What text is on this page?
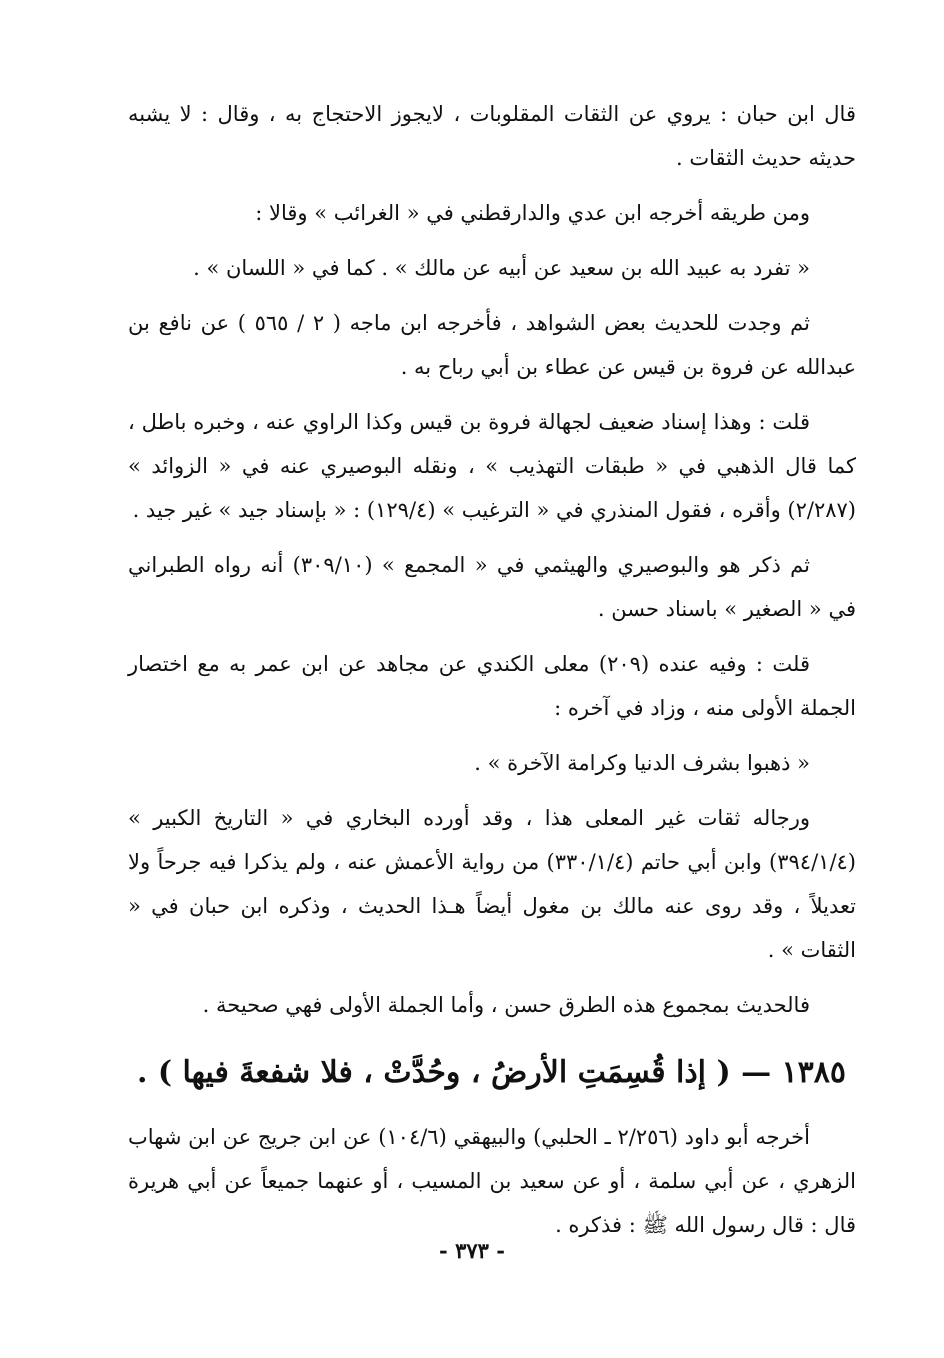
قال ابن حبان : يروي عن الثقات المقلوبات ، لايجوز الاحتجاج به ، وقال : لا يشبه حديثه حديث الثقات .

ومن طريقه أخرجه ابن عدي والدارقطني في « الغرائب » وقالا :

« تفرد به عبيد الله بن سعيد عن أبيه عن مالك » . كما في « اللسان » .

ثم وجدت للحديث بعض الشواهد ، فأخرجه ابن ماجه ( ٢ / ٥٦٥ ) عن نافع بن عبدالله عن فروة بن قيس عن عطاء بن أبي رباح به .

قلت : وهذا إسناد ضعيف لجهالة فروة بن قيس وكذا الراوي عنه ، وخبره باطل ، كما قال الذهبي في « طبقات التهذيب » ، ونقله البوصيري عنه في « الزوائد » (٢/٢٨٧) وأقره ، فقول المنذري في « الترغيب » (١٢٩/٤) : « بإسناد جيد » غير جيد .

ثم ذكر هو والبوصيري والهيثمي في « المجمع » (٣٠٩/١٠) أنه رواه الطبراني في « الصغير » باسناد حسن .

قلت : وفيه عنده (٢٠٩) معلى الكندي عن مجاهد عن ابن عمر به مع اختصار الجملة الأولى منه ، وزاد في آخره :

« ذهبوا بشرف الدنيا وكرامة الآخرة » .

ورجاله ثقات غير المعلى هذا ، وقد أورده البخاري في « التاريخ الكبير » (٣٩٤/١/٤) وابن أبي حاتم (٣٣٠/١/٤) من رواية الأعمش عنه ، ولم يذكرا فيه جرحاً ولا تعديلاً ، وقد روى عنه مالك بن مغول أيضاً هـذا الحديث ، وذكره ابن حبان في « الثقات » .

فالحديث بمجموع هذه الطرق حسن ، وأما الجملة الأولى فهي صحيحة .

١٣٨٥ — ( إذا قُسِمَتِ الأرضُ ، وحُدَّتْ ، فلا شفعةَ فيها ) .

أخرجه أبو داود (٢/٢٥٦ ـ الحلبي) والبيهقي (١٠٤/٦) عن ابن جريج عن ابن شهاب الزهري ، عن أبي سلمة ، أو عن سعيد بن المسيب ، أو عنهما جميعاً عن أبي هريرة قال : قال رسول الله ﷺ : فذكره .

- ٣٧٣ -
